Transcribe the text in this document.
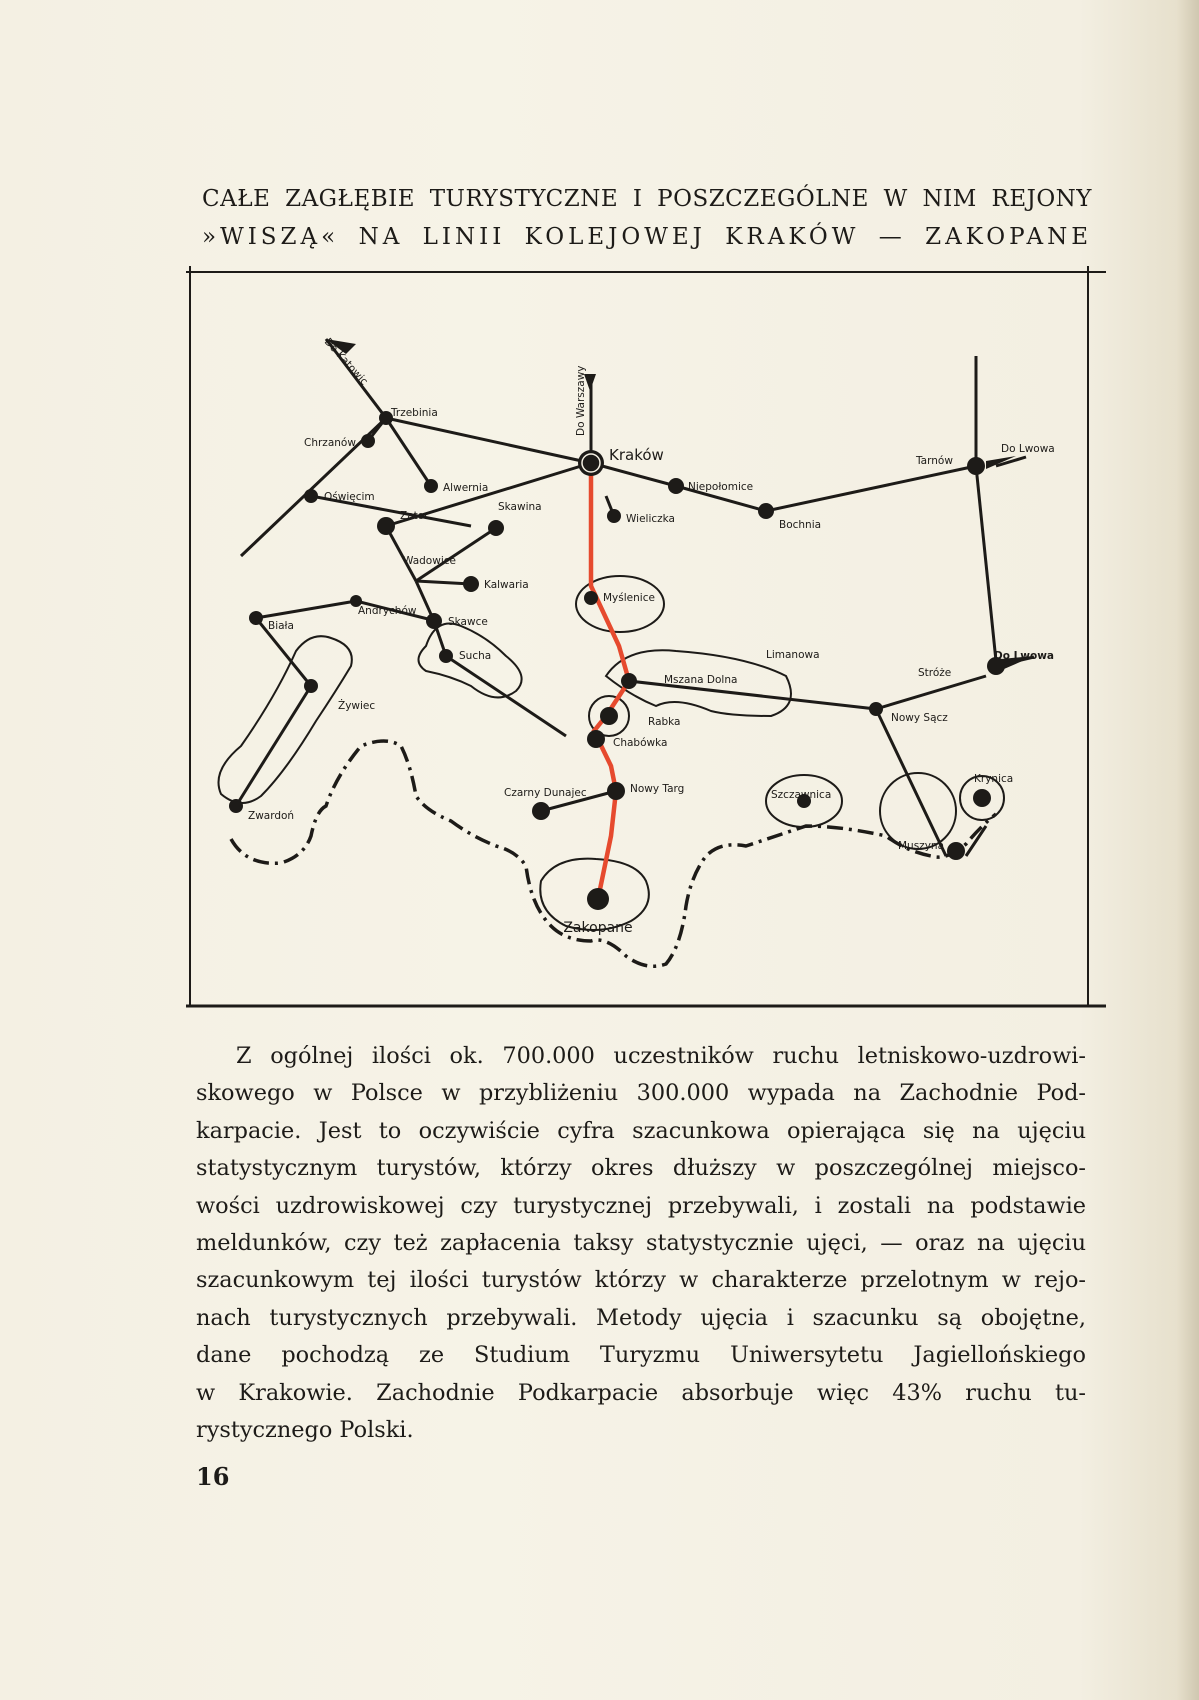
CAŁE ZAGŁĘBIE TURYSTYCZNE I POSZCZEGÓLNE W NIM REJONY
»WISZĄ« NA LINII KOLEJOWEJ KRAKÓW — ZAKOPANE
Do Katowic
Do Warszawy
Do Lwowa
Do Lwowa
Trzebinia
Chrzanów
Oświęcim
Alwernia
Kraków
Niepołomice
Wieliczka	Bochnia
Tarnów
Skawina
Zator
Wadowice
Kalwaria
Andrychów
Skawce
Biała
Sucha
Myślenice
Limanowa
Mszana Dolna
Rabka
Chabówka
Żywiec
Stróże
Nowy Sącz
Zwardoń
Czarny Dunajec	Nowy Targ	Szczawnica
Krynica
Muszyna
Zakopane
Z ogólnej ilości ok. 700.000 uczestników ruchu letniskowo-uzdrowi-
skowego w Polsce w przybliżeniu 300.000 wypada na Zachodnie Pod-
karpacie. Jest to oczywiście cyfra szacunkowa opierająca się na ujęciu
statystycznym turystów, którzy okres dłuższy w poszczególnej miejsco-
wości uzdrowiskowej czy turystycznej przebywali, i zostali na podstawie
meldunków, czy też zapłacenia taksy statystycznie ujęci, — oraz na ujęciu
szacunkowym tej ilości turystów którzy w charakterze przelotnym w rejo-
nach turystycznych przebywali. Metody ujęcia i szacunku są obojętne,
dane pochodzą ze Studium Turyzmu Uniwersytetu Jagiellońskiego
w Krakowie. Zachodnie Podkarpacie absorbuje więc 43% ruchu tu-
rystycznego Polski.
16
